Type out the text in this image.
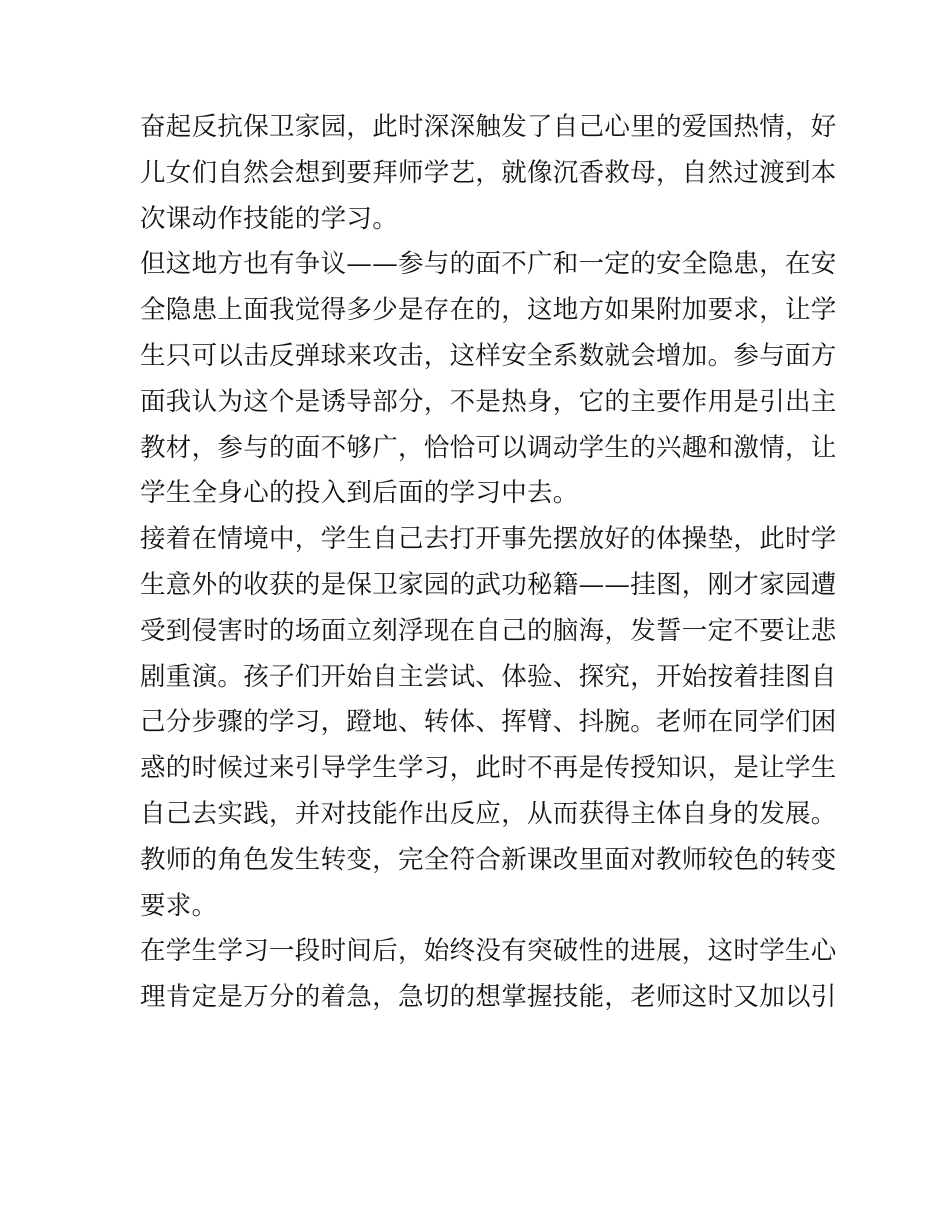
奋起反抗保卫家园，此时深深触发了自己心里的爱国热情，好
儿女们自然会想到要拜师学艺，就像沉香救母，自然过渡到本
次课动作技能的学习。
但这地方也有争议——参与的面不广和一定的安全隐患，在安
全隐患上面我觉得多少是存在的，这地方如果附加要求，让学
生只可以击反弹球来攻击，这样安全系数就会增加。参与面方
面我认为这个是诱导部分，不是热身，它的主要作用是引出主
教材，参与的面不够广，恰恰可以调动学生的兴趣和激情，让
学生全身心的投入到后面的学习中去。
接着在情境中，学生自己去打开事先摆放好的体操垫，此时学
生意外的收获的是保卫家园的武功秘籍——挂图，刚才家园遭
受到侵害时的场面立刻浮现在自己的脑海，发誓一定不要让悲
剧重演。孩子们开始自主尝试、体验、探究，开始按着挂图自
己分步骤的学习，蹬地、转体、挥臂、抖腕。老师在同学们困
惑的时候过来引导学生学习，此时不再是传授知识，是让学生
自己去实践，并对技能作出反应，从而获得主体自身的发展。
教师的角色发生转变，完全符合新课改里面对教师较色的转变
要求。
在学生学习一段时间后，始终没有突破性的进展，这时学生心
理肯定是万分的着急，急切的想掌握技能，老师这时又加以引
